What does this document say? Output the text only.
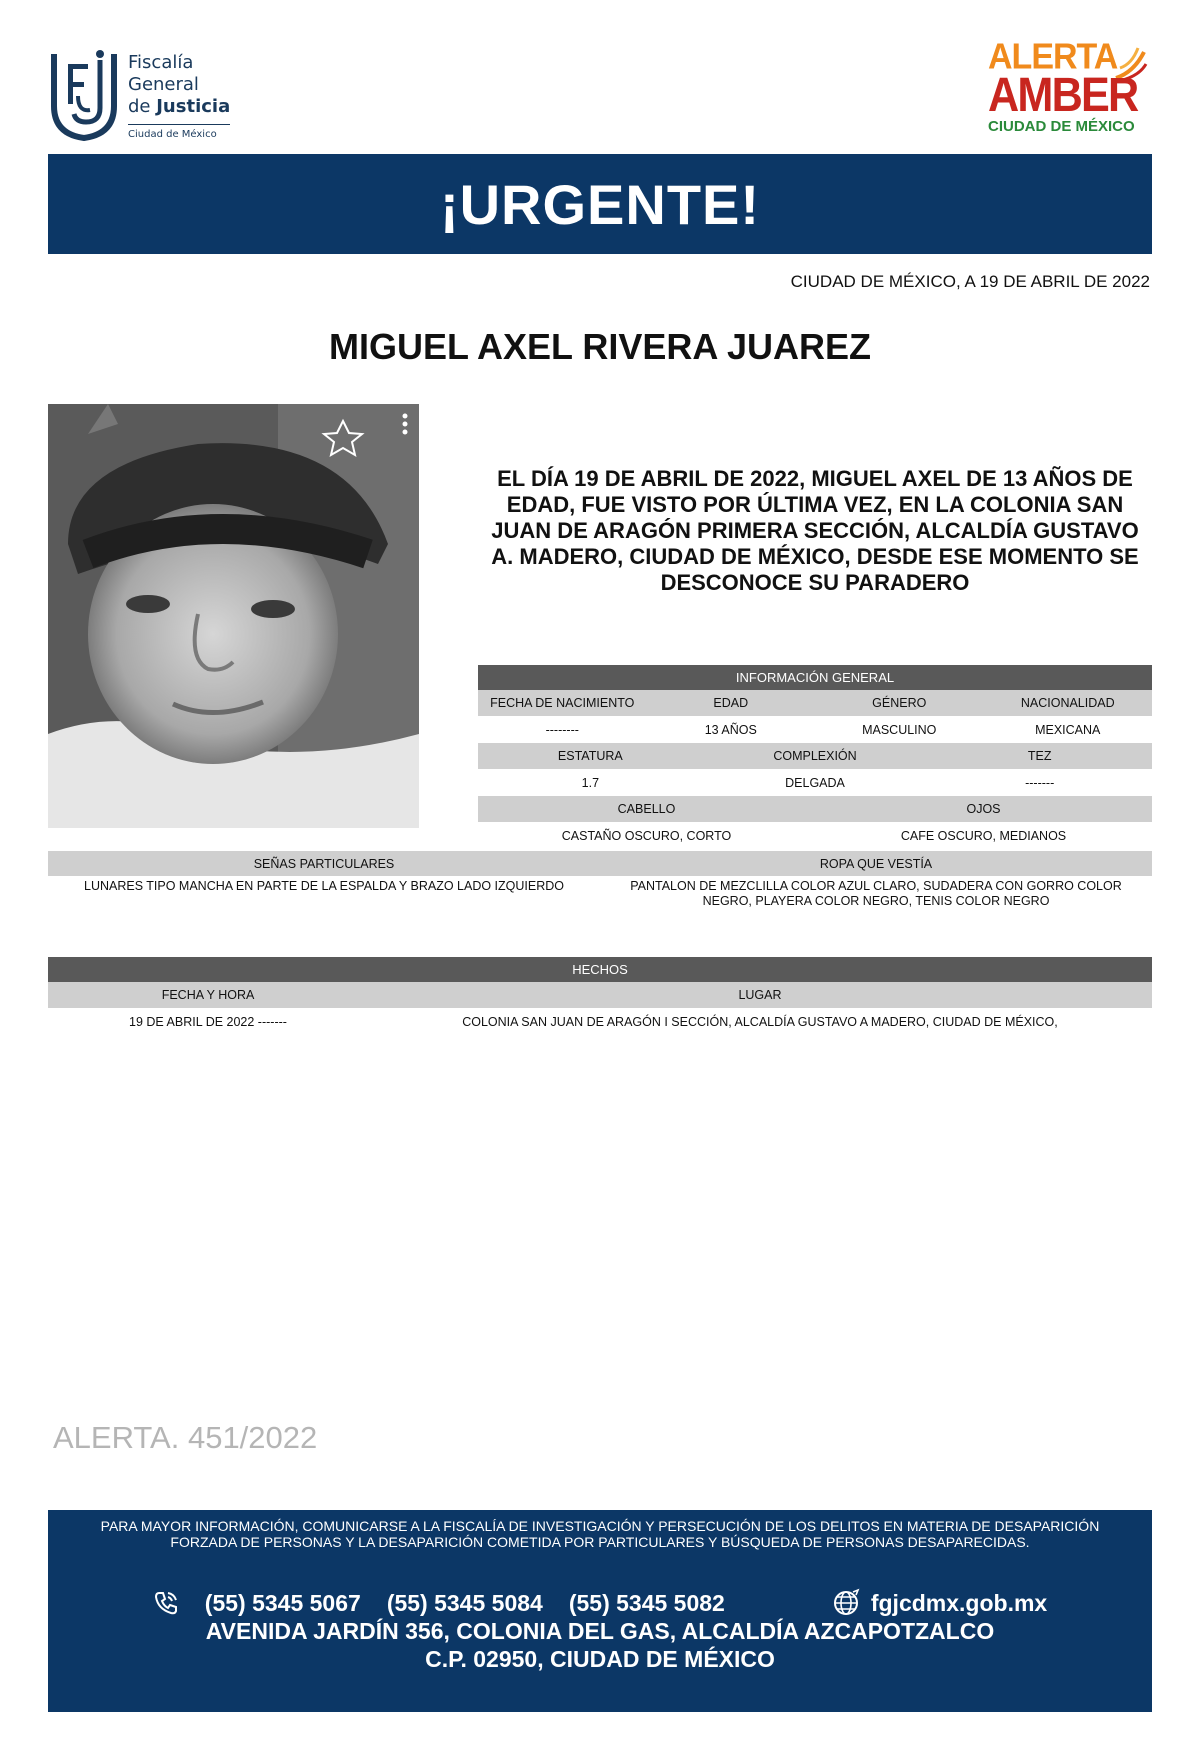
Fiscalía
General
de Justicia
Ciudad de México
ALERTA
AMBER
CIUDAD DE MÉXICO
¡URGENTE!
CIUDAD DE MÉXICO, A 19 DE ABRIL DE 2022
MIGUEL AXEL RIVERA JUAREZ
EL DÍA 19 DE ABRIL DE 2022, MIGUEL AXEL DE 13 AÑOS DE EDAD, FUE VISTO POR ÚLTIMA VEZ, EN LA COLONIA SAN JUAN DE ARAGÓN PRIMERA SECCIÓN, ALCALDÍA GUSTAVO A. MADERO, CIUDAD DE MÉXICO, DESDE ESE MOMENTO SE DESCONOCE SU PARADERO
INFORMACIÓN GENERAL
FECHA DE NACIMIENTO	EDAD	GÉNERO	NACIONALIDAD
--------	13 AÑOS	MASCULINO	MEXICANA
ESTATURA	COMPLEXIÓN	TEZ
1.7	DELGADA	-------
CABELLO	OJOS
CASTAÑO OSCURO, CORTO	CAFE OSCURO, MEDIANOS
SEÑAS PARTICULARES	ROPA QUE VESTÍA
LUNARES TIPO MANCHA EN PARTE DE LA ESPALDA Y BRAZO LADO IZQUIERDO	PANTALON DE MEZCLILLA COLOR AZUL CLARO, SUDADERA CON GORRO COLOR NEGRO, PLAYERA COLOR NEGRO, TENIS COLOR NEGRO
HECHOS
FECHA Y HORA	LUGAR
19 DE ABRIL DE 2022 -------	COLONIA SAN JUAN DE ARAGÓN I SECCIÓN, ALCALDÍA GUSTAVO A MADERO, CIUDAD DE MÉXICO,
ALERTA. 451/2022
PARA MAYOR INFORMACIÓN, COMUNICARSE A LA FISCALÍA DE INVESTIGACIÓN Y PERSECUCIÓN DE LOS DELITOS EN MATERIA DE DESAPARICIÓN FORZADA DE PERSONAS Y LA DESAPARICIÓN COMETIDA POR PARTICULARES Y BÚSQUEDA DE PERSONAS DESAPARECIDAS.
(55) 5345 5067 (55) 5345 5084 (55) 5345 5082	fgjcdmx.gob.mx
AVENIDA JARDÍN 356, COLONIA DEL GAS, ALCALDÍA AZCAPOTZALCO
C.P. 02950, CIUDAD DE MÉXICO
